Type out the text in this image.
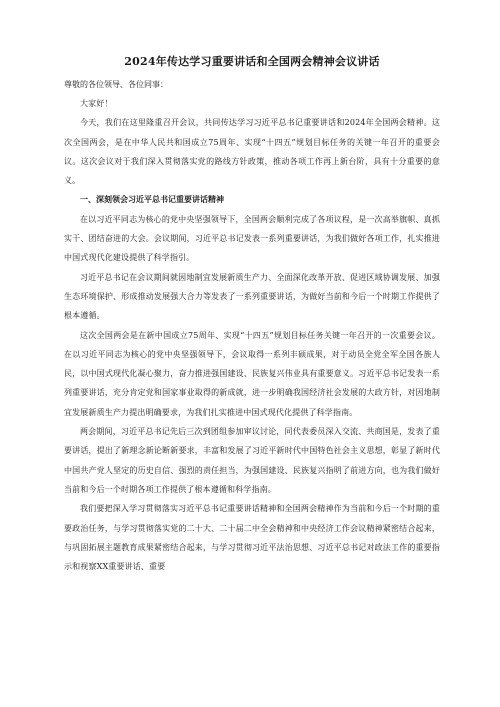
2024年传达学习重要讲话和全国两会精神会议讲话

尊敬的各位领导、各位同事：

大家好！

今天，我们在这里隆重召开会议，共同传达学习习近平总书记重要讲话和2024年全国两会精神。这次全国两会，是在中华人民共和国成立75周年、实现“十四五”规划目标任务的关键一年召开的重要会议。这次会议对于我们深入贯彻落实党的路线方针政策，推动各项工作再上新台阶，具有十分重要的意义。

一、深刻领会习近平总书记重要讲话精神

在以习近平同志为核心的党中央坚强领导下，全国两会顺利完成了各项议程，是一次高举旗帜、真抓实干、团结奋进的大会。会议期间，习近平总书记发表一系列重要讲话，为我们做好各项工作，扎实推进中国式现代化建设提供了科学指引。

习近平总书记在会议期间就因地制宜发展新质生产力、全面深化改革开放、促进区域协调发展、加强生态环境保护、形成推动发展强大合力等发表了一系列重要讲话，为做好当前和今后一个时期工作提供了根本遵循。

这次全国两会是在新中国成立75周年、实现“十四五”规划目标任务关键一年召开的一次重要会议。在以习近平同志为核心的党中央坚强领导下，会议取得一系列丰硕成果，对于动员全党全军全国各族人民，以中国式现代化凝心聚力，奋力推进强国建设、民族复兴伟业具有重要意义。习近平总书记发表一系列重要讲话，充分肯定党和国家事业取得的新成就，进一步明确我国经济社会发展的大政方针，对因地制宜发展新质生产力提出明确要求，为我们扎实推进中国式现代化提供了科学指南。

两会期间，习近平总书记先后三次到团组参加审议讨论，同代表委员深入交流、共商国是，发表了重要讲话，提出了新理念新论断新要求，丰富和发展了习近平新时代中国特色社会主义思想，彰显了新时代中国共产党人坚定的历史自信、强烈的责任担当，为强国建设、民族复兴指明了前进方向，也为我们做好当前和今后一个时期各项工作提供了根本遵循和科学指南。

我们要把深入学习贯彻落实习近平总书记重要讲话精神和全国两会精神作为当前和今后一个时期的重要政治任务，与学习贯彻落实党的二十大、二十届二中全会精神和中央经济工作会议精神紧密结合起来，与巩固拓展主题教育成果紧密结合起来，与学习贯彻习近平法治思想、习近平总书记对政法工作的重要指示和视察XX重要讲话、重要
